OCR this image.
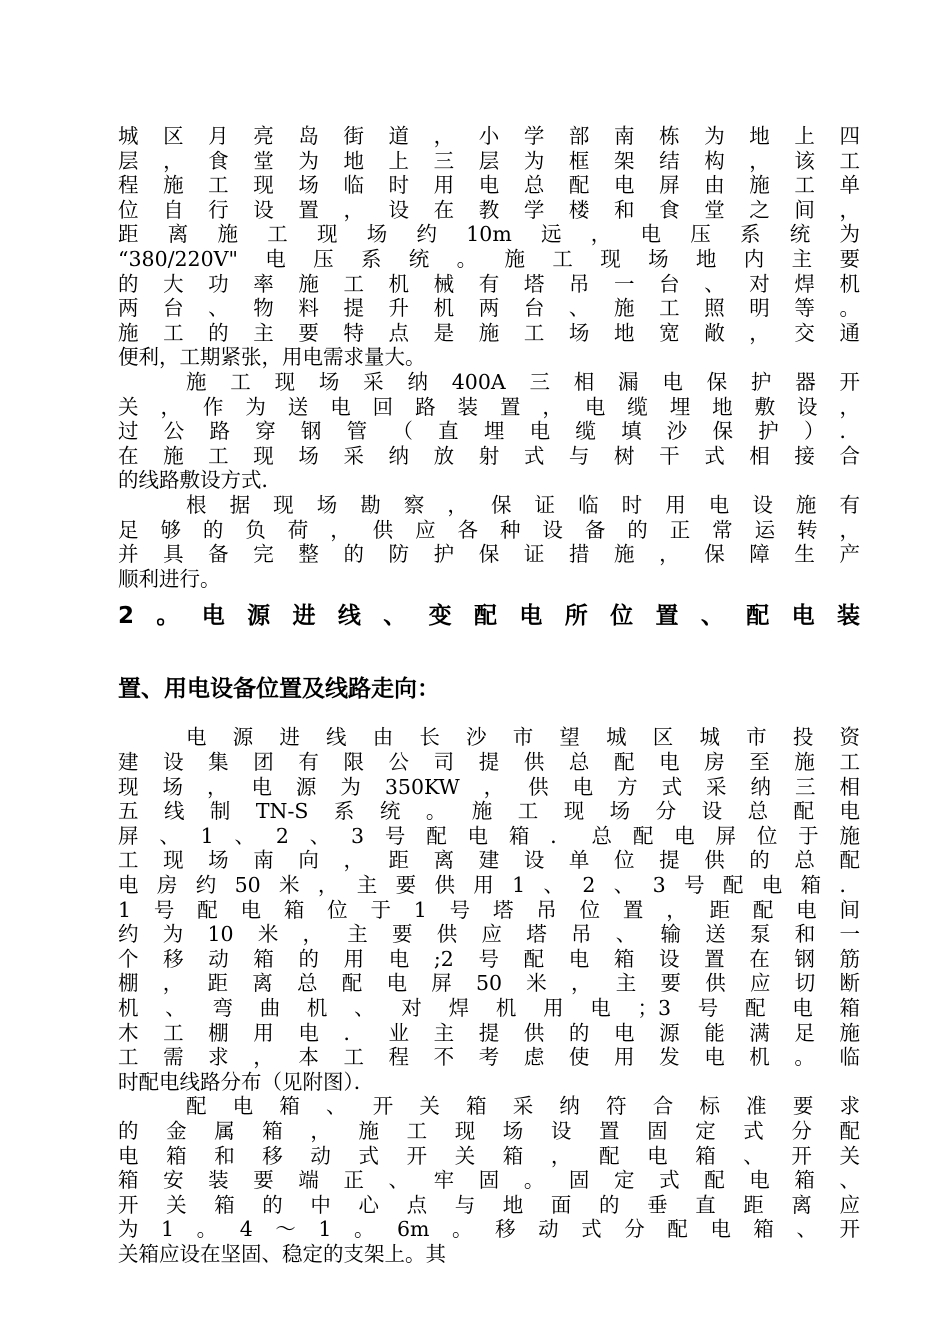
城区月亮岛街道，小学部南栋为地上四
层，食堂为地上三层为框架结构，该工
程施工现场临时用电总配电屏由施工单
位自行设置，设在教学楼和食堂之间，
距离施工现场约10m远，电压系统为
“380/220V"电压系统。施工现场地内主要
的大功率施工机械有塔吊一台、对焊机
两台、物料提升机两台、施工照明等。
施工的主要特点是施工场地宽敞，交通
便利，工期紧张，用电需求量大。
施工现场采纳400A三相漏电保护器开
关，作为送电回路装置，电缆埋地敷设，
过公路穿钢管（直埋电缆填沙保护）．
在施工现场采纳放射式与树干式相接合
的线路敷设方式．
根据现场勘察，保证临时用电设施有
足够的负荷，供应各种设备的正常运转，
并具备完整的防护保证措施，保障生产
顺利进行。
2。电源进线、变配电所位置、配电装
置、用电设备位置及线路走向：
电源进线由长沙市望城区城市投资
建设集团有限公司提供总配电房至施工
现场，电源为350KW，供电方式采纳三相
五线制TN-S系统。施工现场分设总配电
屏、1、2、3号配电箱．总配电屏位于施
工现场南向，距离建设单位提供的总配
电房约50米，主要供用1、2、3号配电箱．
1号配电箱位于1号塔吊位置，距配电间
约为10米，主要供应塔吊、输送泵和一
个移动箱的用电;2号配电箱设置在钢筋
棚，距离总配电屏50米，主要供应切断
机、弯曲机、对焊机用电；3号配电箱
木工棚用电．业主提供的电源能满足施
工需求，本工程不考虑使用发电机。临
时配电线路分布（见附图）．
配电箱、开关箱采纳符合标准要求
的金属箱，施工现场设置固定式分配
电箱和移动式开关箱，配电箱、开关
箱安装要端正、牢固。固定式配电箱、
开关箱的中心点与地面的垂直距离应
为1。4～1。6m。移动式分配电箱、开
关箱应设在坚固、稳定的支架上。其
